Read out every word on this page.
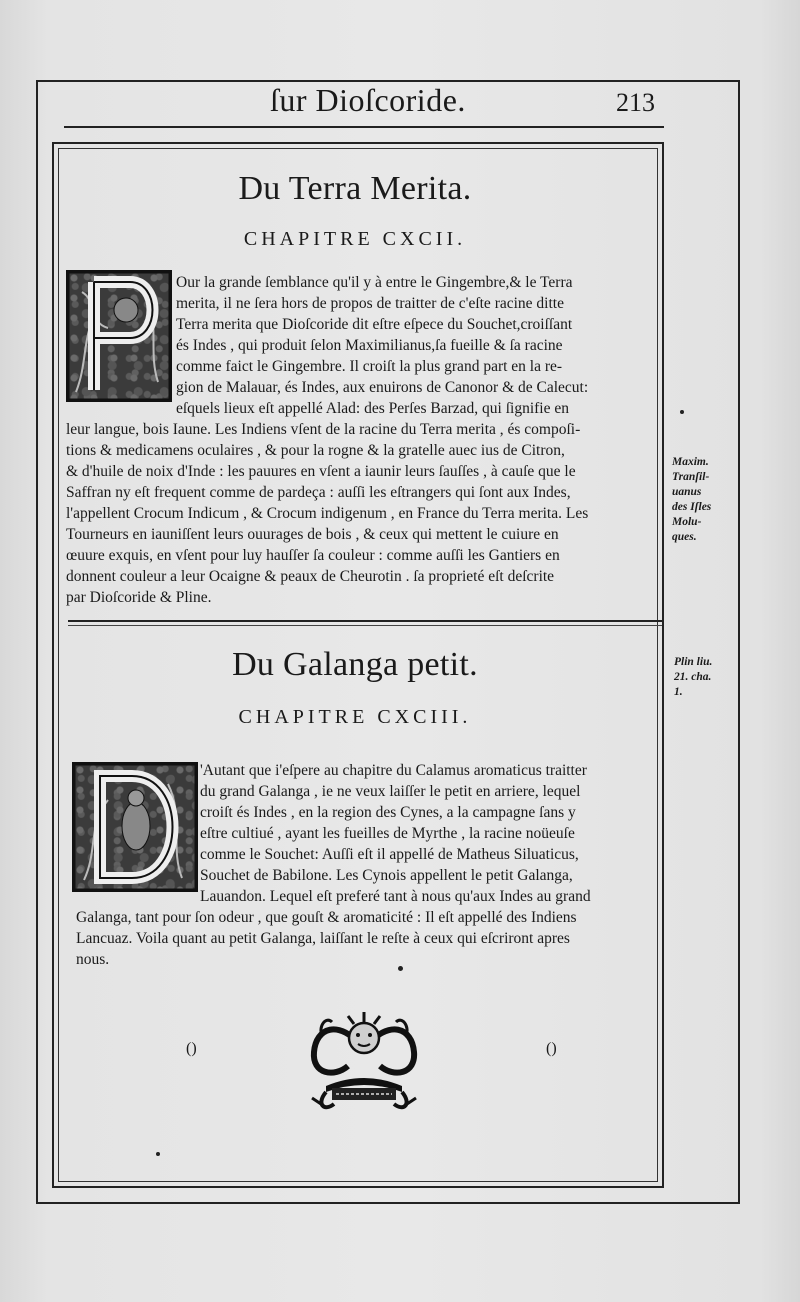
ſur Dioſcoride.	213
Du Terra Merita.
CHAPITRE CXCII.

Our la grande ſemblance qu'il y à entre le Gingembre,& le Terra

merita, il ne ſera hors de propos de traitter de c'eſte racine ditte

Terra merita que Dioſcoride dit eſtre eſpece du Souchet,croiſſant

és Indes , qui produit ſelon Maximilianus,ſa fueille & ſa racine

comme faict le Gingembre. Il croiſt la plus grand part en la re-

gion de Malauar, és Indes, aux enuirons de Canonor & de Calecut:

eſquels lieux eſt appellé Alad: des Perſes Barzad, qui ſignifie en

leur langue, bois Iaune. Les Indiens vſent de la racine du Terra merita , és compoſi-

tions & medicamens oculaires , & pour la rogne & la gratelle auec ius de Citron,

& d'huile de noix d'Inde : les pauures en vſent a iaunir leurs ſauſſes , à cauſe que le

Saffran ny eſt frequent comme de pardeça : auſſi les eſtrangers qui ſont aux Indes,

l'appellent Crocum Indicum , & Crocum indigenum , en France du Terra merita. Les

Tourneurs en iauniſſent leurs ouurages de bois , & ceux qui mettent le cuiure en

œuure exquis, en vſent pour luy hauſſer ſa couleur : comme auſſi les Gantiers en

donnent couleur a leur Ocaigne & peaux de Cheurotin . ſa proprieté eſt deſcrite

par Dioſcoride & Pline.

Maxim.
Tranſil-
uanus
des Iſles
Molu-
ques.
Du Galanga petit.
CHAPITRE CXCIII.
Plin liu.
21. cha.
1.

'Autant que i'eſpere au chapitre du Calamus aromaticus traitter

du grand Galanga , ie ne veux laiſſer le petit en arriere, lequel

croiſt és Indes , en la region des Cynes, a la campagne ſans y

eſtre cultiué , ayant les fueilles de Myrthe , la racine noüeuſe

comme le Souchet: Auſſi eſt il appellé de Matheus Siluaticus,

Souchet de Babilone. Les Cynois appellent le petit Galanga,

Lauandon. Lequel eſt preferé tant à nous qu'aux Indes au grand

Galanga, tant pour ſon odeur , que gouſt & aromaticité : Il eſt appellé des Indiens

Lancuaz. Voila quant au petit Galanga, laiſſant le reſte à ceux qui eſcriront apres

nous.

()	()
